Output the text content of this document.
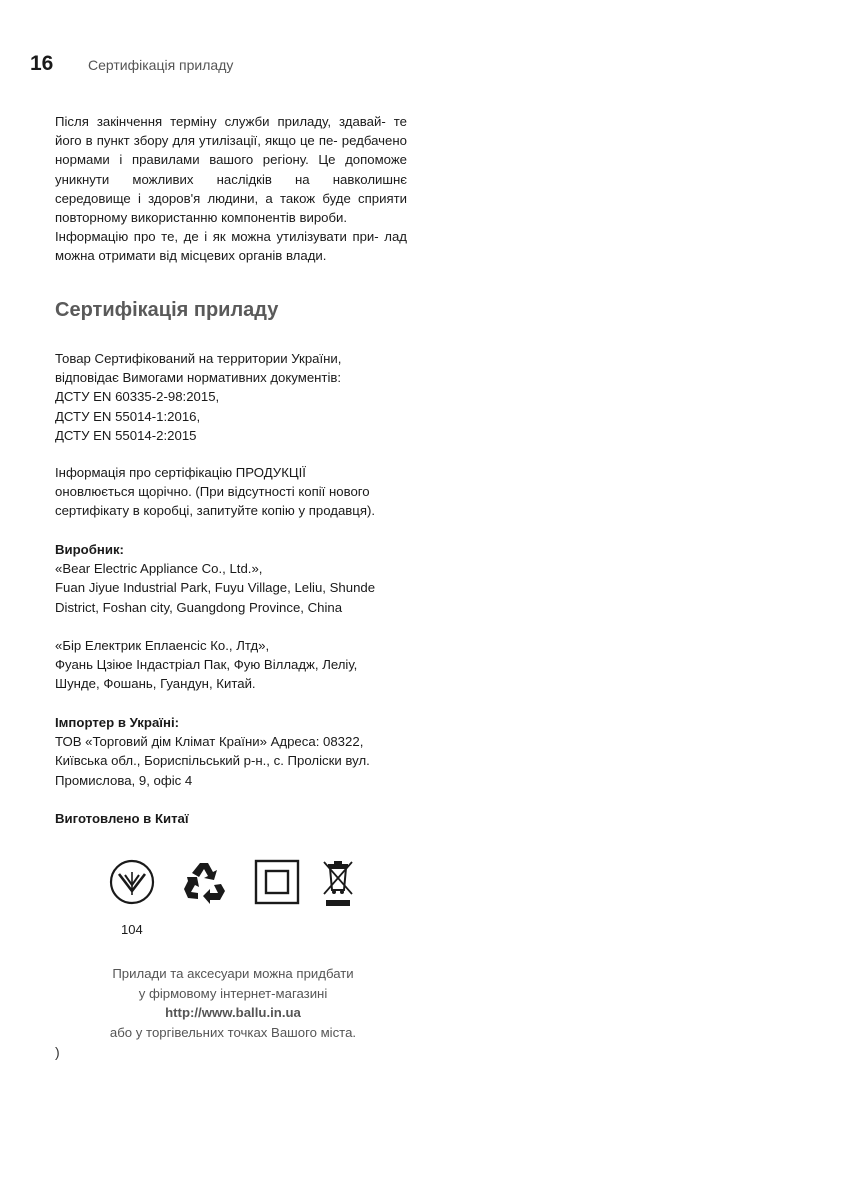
16	Сертифікація приладу

Після закінчення терміну служби приладу, здавай- те його в пункт збору для утилізації, якщо це пе- редбачено нормами і правилами вашого регіону. Це допоможе уникнути можливих наслідків на навколишнє середовище і здоров'я людини, а також буде сприяти повторному використанню компонентів вироби.

Інформацію про те, де і як можна утилізувати при- лад можна отримати від місцевих органів влади.

Сертифікація приладу

Товар Сертифікований на территории України,

відповідає Вимогами нормативних документів:

ДСТУ EN 60335-2-98:2015,

ДСТУ EN 55014-1:2016,

ДСТУ EN 55014-2:2015

Інформація про сертіфікацію ПРОДУКЦІЇ

оновлюється щорічно. (При відсутності копії нового

сертифікату в коробці, запитуйте копію у продавця).

Виробник:

«Bear Electric Appliance Co., Ltd.»,

Fuan Jiyue Industrial Park, Fuyu Village, Leliu, Shunde

District, Foshan city, Guangdong Province, China

«Бір Електрик Еплаенсіс Ко., Лтд»,

Фуань Цзіюе Індастріал Пак, Фую Вілладж, Леліу,

Шунде, Фошань, Гуандун, Китай.

Імпортер в Україні:

ТОВ «Торговий дім Клімат Країни» Адреса: 08322,

Київська обл., Бориспільський р-н., с. Пролiски вул.

Промислова, 9, офіс 4

Виготовлено в Китаї

104

Прилади та аксесуари можна придбати

у фірмовому інтернет-магазині

http://www.ballu.in.ua

або у торгівельних точках Вашого міста.

)
